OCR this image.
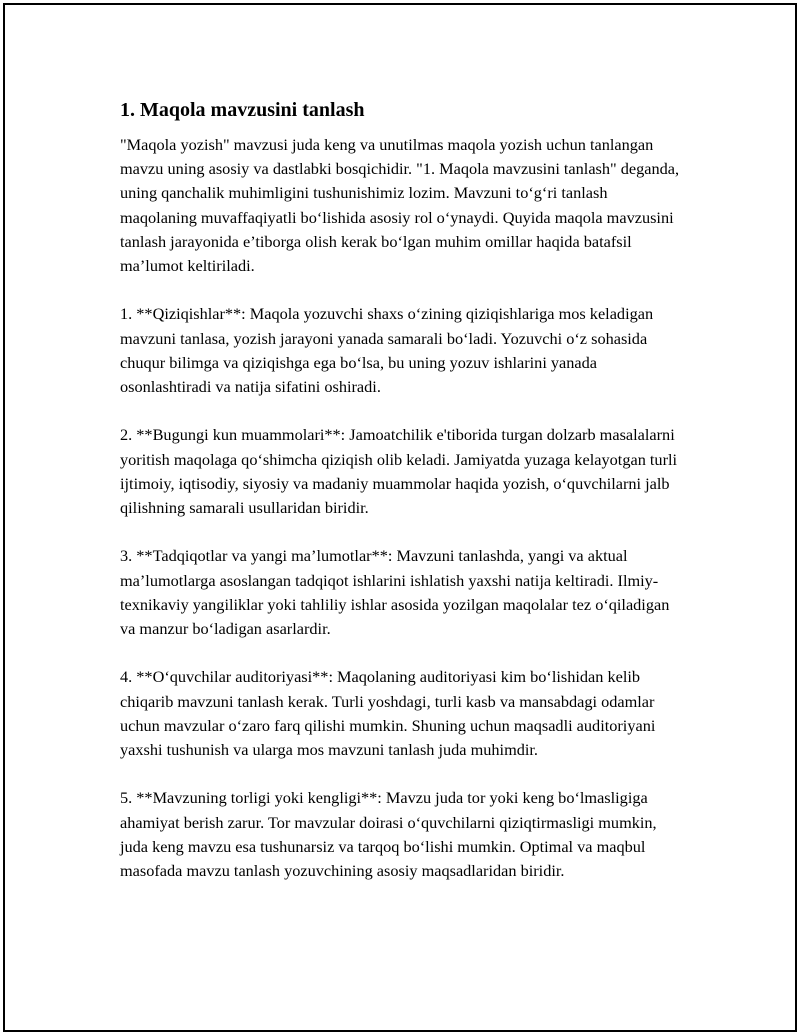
1. Maqola mavzusini tanlash

"Maqola yozish" mavzusi juda keng va unutilmas maqola yozish uchun tanlangan mavzu uning asosiy va dastlabki bosqichidir. "1. Maqola mavzusini tanlash" deganda, uning qanchalik muhimligini tushunishimiz lozim. Mavzuni to‘g‘ri tanlash maqolaning muvaffaqiyatli bo‘lishida asosiy rol o‘ynaydi. Quyida maqola mavzusini tanlash jarayonida e’tiborga olish kerak bo‘lgan muhim omillar haqida batafsil ma’lumot keltiriladi.

1. **Qiziqishlar**: Maqola yozuvchi shaxs o‘zining qiziqishlariga mos keladigan mavzuni tanlasa, yozish jarayoni yanada samarali bo‘ladi. Yozuvchi o‘z sohasida chuqur bilimga va qiziqishga ega bo‘lsa, bu uning yozuv ishlarini yanada osonlashtiradi va natija sifatini oshiradi.

2. **Bugungi kun muammolari**: Jamoatchilik e'tiborida turgan dolzarb masalalarni yoritish maqolaga qo‘shimcha qiziqish olib keladi. Jamiyatda yuzaga kelayotgan turli ijtimoiy, iqtisodiy, siyosiy va madaniy muammolar haqida yozish, o‘quvchilarni jalb qilishning samarali usullaridan biridir.

3. **Tadqiqotlar va yangi ma’lumotlar**: Mavzuni tanlashda, yangi va aktual ma’lumotlarga asoslangan tadqiqot ishlarini ishlatish yaxshi natija keltiradi. Ilmiy-texnikaviy yangiliklar yoki tahliliy ishlar asosida yozilgan maqolalar tez o‘qiladigan va manzur bo‘ladigan asarlardir.

4. **O‘quvchilar auditoriyasi**: Maqolaning auditoriyasi kim bo‘lishidan kelib chiqarib mavzuni tanlash kerak. Turli yoshdagi, turli kasb va mansabdagi odamlar uchun mavzular o‘zaro farq qilishi mumkin. Shuning uchun maqsadli auditoriyani yaxshi tushunish va ularga mos mavzuni tanlash juda muhimdir.

5. **Mavzuning torligi yoki kengligi**: Mavzu juda tor yoki keng bo‘lmasligiga ahamiyat berish zarur. Tor mavzular doirasi o‘quvchilarni qiziqtirmasligi mumkin, juda keng mavzu esa tushunarsiz va tarqoq bo‘lishi mumkin. Optimal va maqbul masofada mavzu tanlash yozuvchining asosiy maqsadlaridan biridir.
